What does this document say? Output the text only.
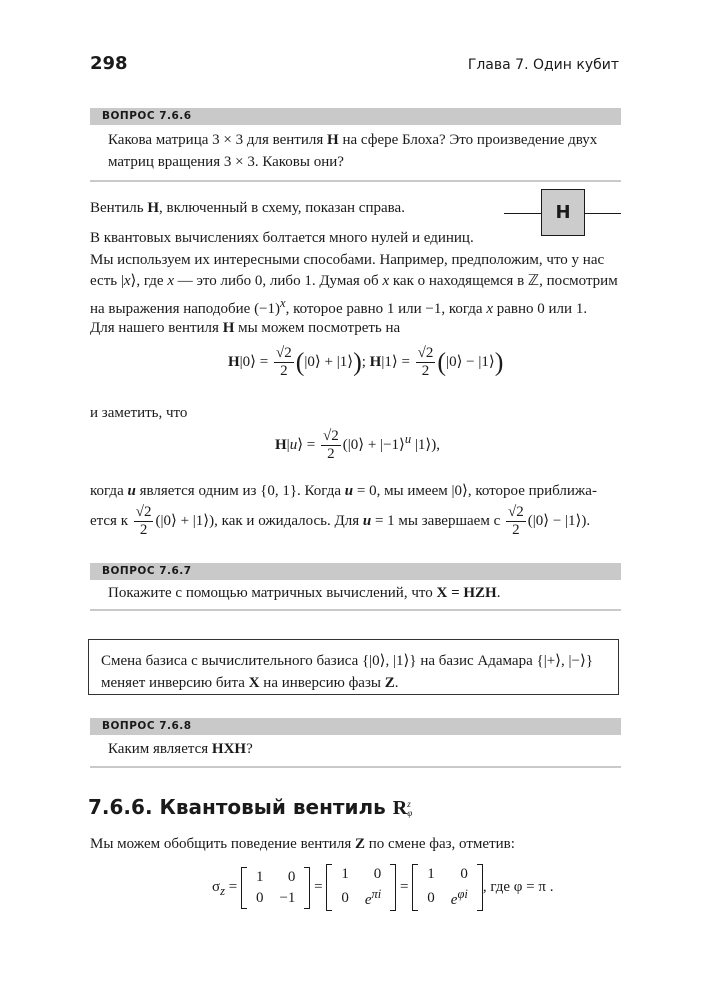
298	Глава 7. Один кубит
ВОПРОС 7.6.6
Какова матрица 3 × 3 для вентиля H на сфере Блоха? Это произведение двух матриц вращения 3 × 3. Каковы они?
Вентиль H, включенный в схему, показан справа.	H
В квантовых вычислениях болтается много нулей и единиц.
Мы используем их интересными способами. Например, предположим, что у нас
есть |x⟩, где x — это либо 0, либо 1. Думая об x как о находящемся в ℤ, посмотрим
на выражения наподобие $(-1)^x$, которое равно 1 или −1, когда x равно 0 или 1.
Для нашего вентиля H мы можем посмотреть на
H|0⟩ = $\frac{√2}{2}$ (|0⟩ + |1⟩); H|1⟩ = $\frac{√2}{2}$ (|0⟩ − |1⟩)
и заметить, что
H|u⟩ = $\frac{√2}{2}$ (|0⟩ + |−1⟩$^u$ |1⟩),
когда u является одним из {0, 1}. Когда u = 0, мы имеем |0⟩, которое приближа-
ется к $\frac{√2}{2}$ (|0⟩ + |1⟩), как и ожидалось. Для u = 1 мы завершаем с $\frac{√2}{2}$ (|0⟩ − |1⟩).
ВОПРОС 7.6.7
Покажите с помощью матричных вычислений, что X = HZH.
Смена базиса с вычислительного базиса {|0⟩, |1⟩} на базис Адамара {|+⟩, |−⟩}
меняет инверсию бита X на инверсию фазы Z.
ВОПРОС 7.6.8
Каким является HXH?
7.6.6. Квантовый вентиль R z
φ
Мы можем обобщить поведение вентиля Z по смене фаз, отметив:
$\sigma_z$ =
1	0
0	−1
=
1	0
0	$e^{\pi i}$ =
1	0
0	$e^{\varphi i}$ , где φ = π .
